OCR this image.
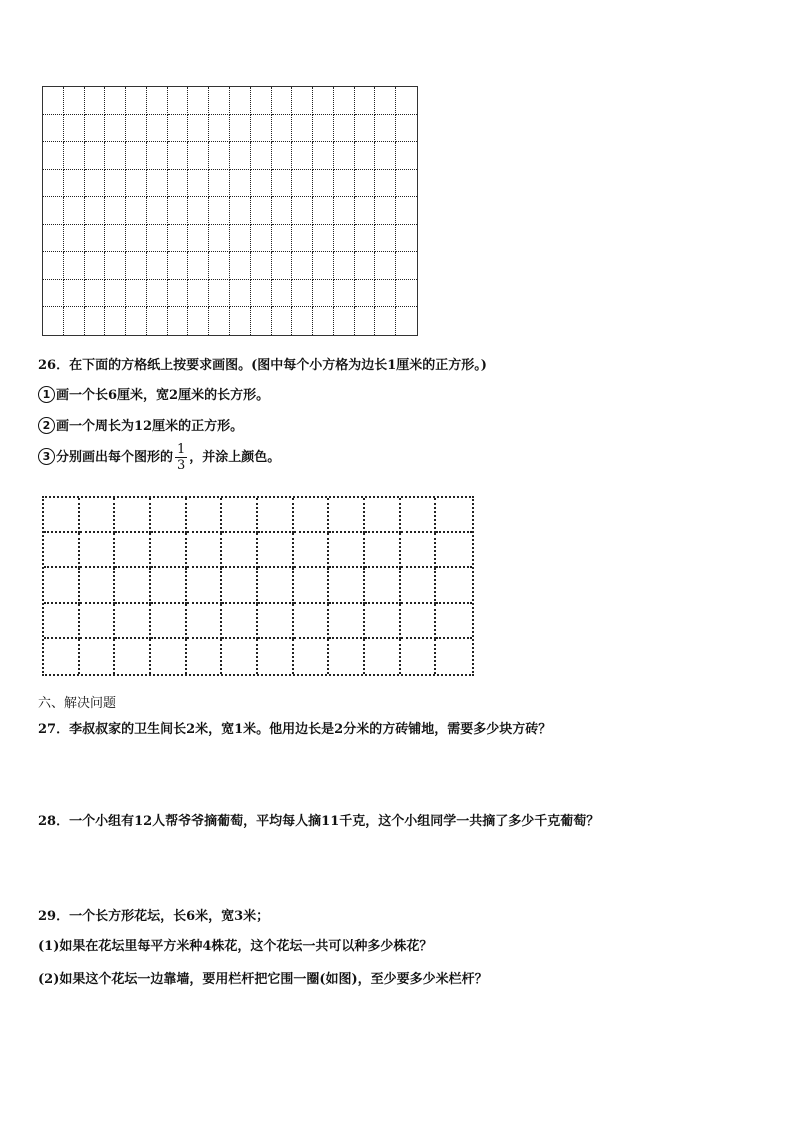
26．在下面的方格纸上按要求画图。(图中每个小方格为边长1厘米的正方形。)
1 画一个长6厘米，宽2厘米的长方形。
2 画一个周长为12厘米的正方形。
3 分别画出每个图形的 $\frac{1}{3}$ ，并涂上颜色。
六、解决问题
27．李叔叔家的卫生间长2米，宽1米。他用边长是2分米的方砖铺地，需要多少块方砖？
28．一个小组有12人帮爷爷摘葡萄，平均每人摘11千克，这个小组同学一共摘了多少千克葡萄？
29．一个长方形花坛，长6米，宽3米；
(1)如果在花坛里每平方米种4株花，这个花坛一共可以种多少株花？
(2)如果这个花坛一边靠墙，要用栏杆把它围一圈(如图)，至少要多少米栏杆？
